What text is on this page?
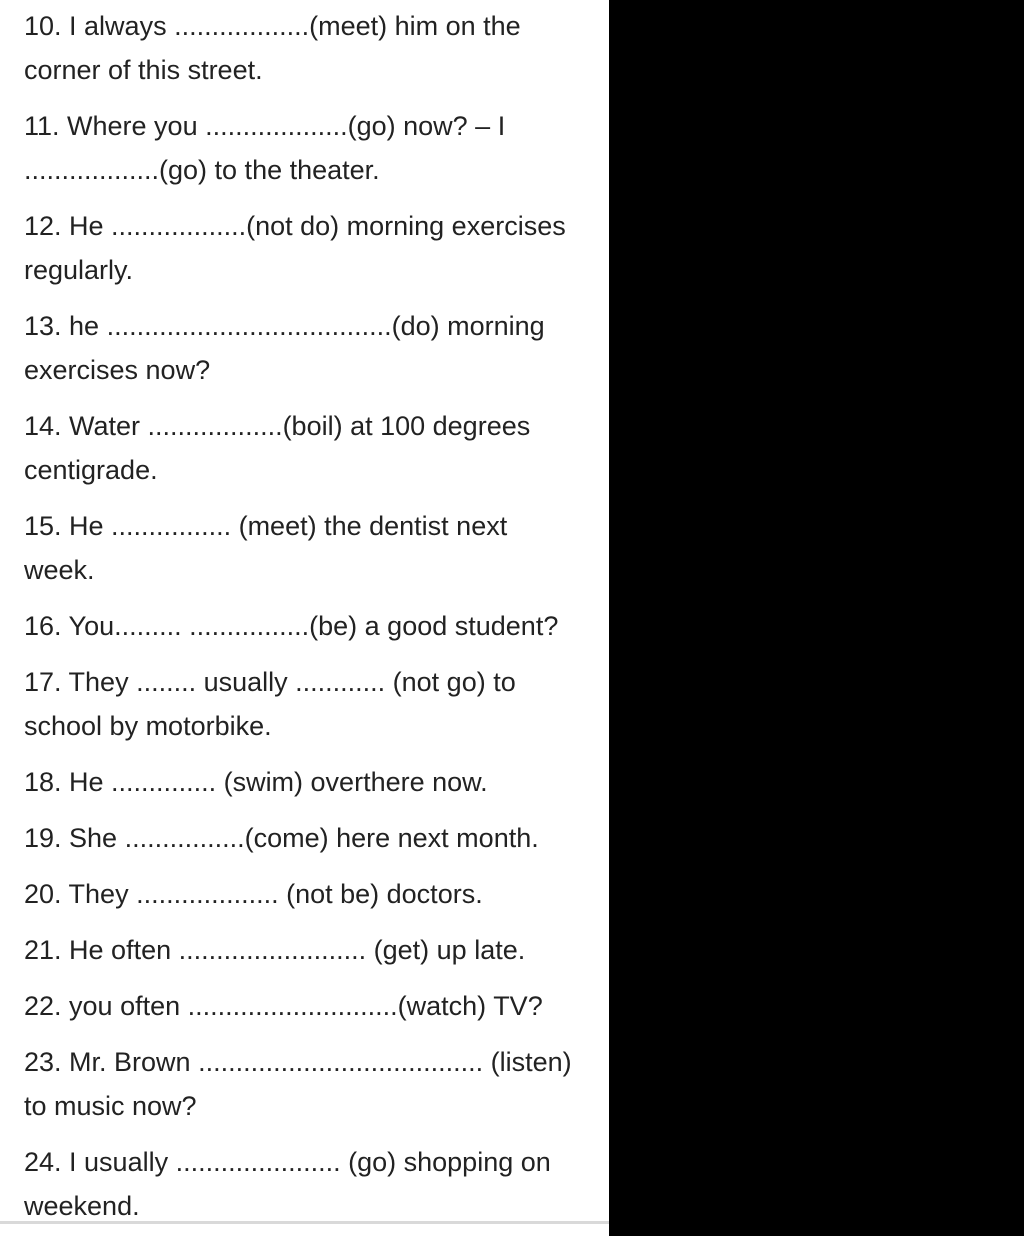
10. I always ..................(meet) him on the

corner of this street.

11. Where you ...................(go) now? – I

..................(go) to the theater.

12. He ..................(not do) morning exercises

regularly.

13. he ......................................(do) morning

exercises now?

14. Water ..................(boil) at 100 degrees

centigrade.

15. He ................ (meet) the dentist next

week.

16. You......... ................(be) a good student?

17. They ........ usually ............ (not go) to

school by motorbike.

18. He .............. (swim) overthere now.

19. She ................(come) here next month.

20. They ................... (not be) doctors.

21. He often ......................... (get) up late.

22. you often ............................(watch) TV?

23. Mr. Brown ...................................... (listen)

to music now?

24. I usually ...................... (go) shopping on

weekend.
